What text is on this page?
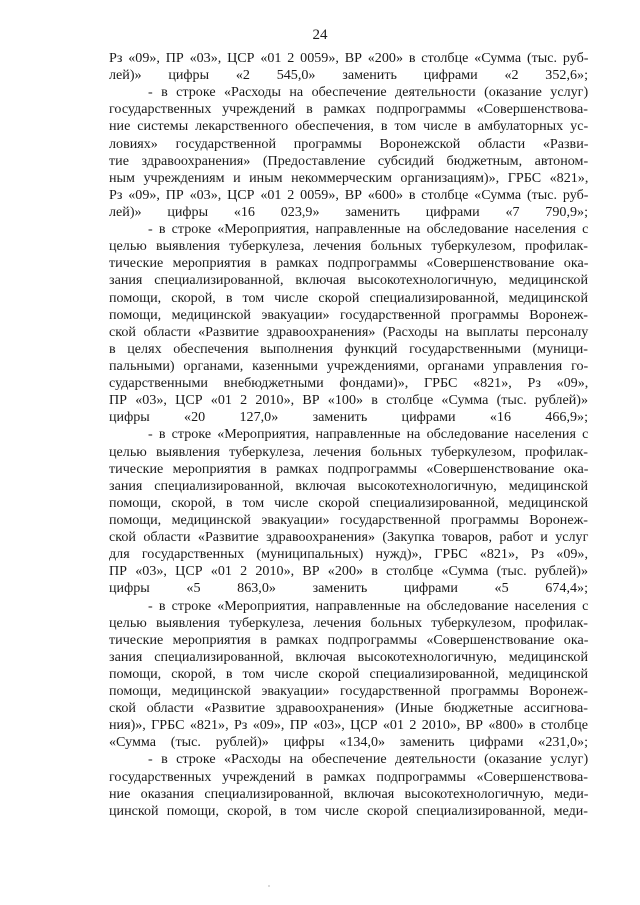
24
Рз «09», ПР «03», ЦСР «01 2 0059», ВР «200» в столбце «Сумма (тыс. руб-
лей)» цифры «2 545,0» заменить цифрами «2 352,6»;
- в строке «Расходы на обеспечение деятельности (оказание услуг)
государственных учреждений в рамках подпрограммы «Совершенствова-
ние системы лекарственного обеспечения, в том числе в амбулаторных ус-
ловиях» государственной программы Воронежской области «Разви-
тие здравоохранения» (Предоставление субсидий бюджетным, автоном-
ным учреждениям и иным некоммерческим организациям)», ГРБС «821»,
Рз «09», ПР «03», ЦСР «01 2 0059», ВР «600» в столбце «Сумма (тыс. руб-
лей)» цифры «16 023,9» заменить цифрами «7 790,9»;
- в строке «Мероприятия, направленные на обследование населения с
целью выявления туберкулеза, лечения больных туберкулезом, профилак-
тические мероприятия в рамках подпрограммы «Совершенствование ока-
зания специализированной, включая высокотехнологичную, медицинской
помощи, скорой, в том числе скорой специализированной, медицинской
помощи, медицинской эвакуации» государственной программы Воронеж-
ской области «Развитие здравоохранения» (Расходы на выплаты персоналу
в целях обеспечения выполнения функций государственными (муници-
пальными) органами, казенными учреждениями, органами управления го-
сударственными внебюджетными фондами)», ГРБС «821», Рз «09»,
ПР «03», ЦСР «01 2 2010», ВР «100» в столбце «Сумма (тыс. рублей)»
цифры «20 127,0» заменить цифрами «16 466,9»;
- в строке «Мероприятия, направленные на обследование населения с
целью выявления туберкулеза, лечения больных туберкулезом, профилак-
тические мероприятия в рамках подпрограммы «Совершенствование ока-
зания специализированной, включая высокотехнологичную, медицинской
помощи, скорой, в том числе скорой специализированной, медицинской
помощи, медицинской эвакуации» государственной программы Воронеж-
ской области «Развитие здравоохранения» (Закупка товаров, работ и услуг
для государственных (муниципальных) нужд)», ГРБС «821», Рз «09»,
ПР «03», ЦСР «01 2 2010», ВР «200» в столбце «Сумма (тыс. рублей)»
цифры «5 863,0» заменить цифрами «5 674,4»;
- в строке «Мероприятия, направленные на обследование населения с
целью выявления туберкулеза, лечения больных туберкулезом, профилак-
тические мероприятия в рамках подпрограммы «Совершенствование ока-
зания специализированной, включая высокотехнологичную, медицинской
помощи, скорой, в том числе скорой специализированной, медицинской
помощи, медицинской эвакуации» государственной программы Воронеж-
ской области «Развитие здравоохранения» (Иные бюджетные ассигнова-
ния)», ГРБС «821», Рз «09», ПР «03», ЦСР «01 2 2010», ВР «800» в столбце
«Сумма (тыс. рублей)» цифры «134,0» заменить цифрами «231,0»;
- в строке «Расходы на обеспечение деятельности (оказание услуг)
государственных учреждений в рамках подпрограммы «Совершенствова-
ние оказания специализированной, включая высокотехнологичную, меди-
цинской помощи, скорой, в том числе скорой специализированной, меди-
